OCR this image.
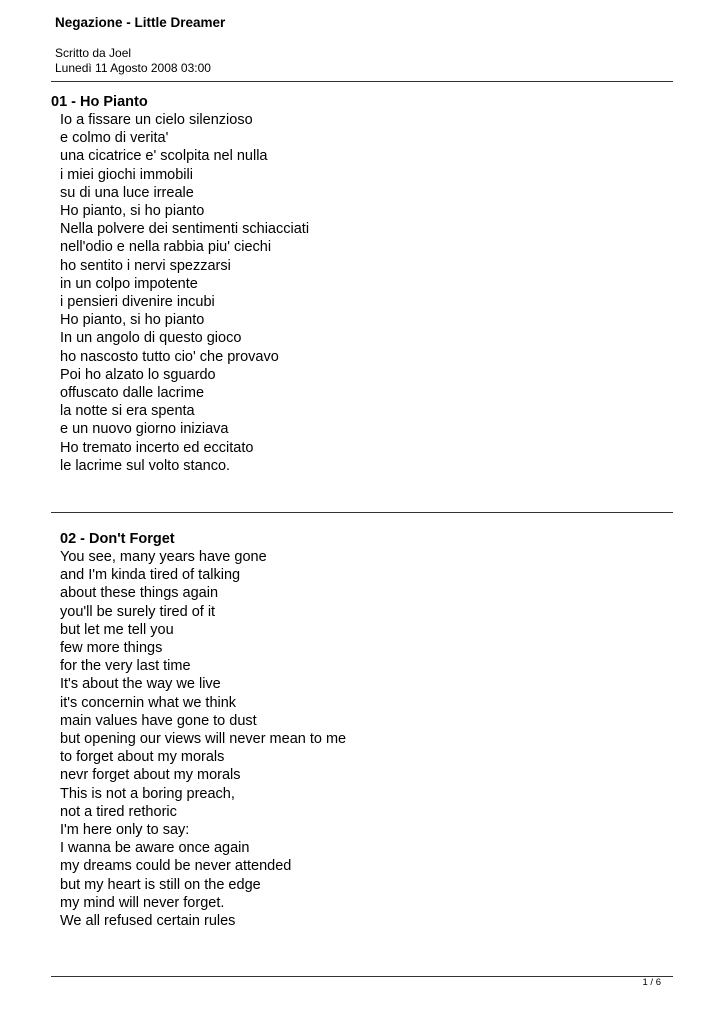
Negazione - Little Dreamer
Scritto da Joel
Lunedì 11 Agosto 2008 03:00
01 - Ho Pianto
Io a fissare un cielo silenzioso
e colmo di verita'
una cicatrice e' scolpita nel nulla
i miei giochi immobili
su di una luce irreale
Ho pianto, si ho pianto
Nella polvere dei sentimenti schiacciati
nell'odio e nella rabbia piu' ciechi
ho sentito i nervi spezzarsi
in un colpo impotente
i pensieri divenire incubi
Ho pianto, si ho pianto
In un angolo di questo gioco
ho nascosto tutto cio' che provavo
Poi ho alzato lo sguardo
offuscato dalle lacrime
la notte si era spenta
e un nuovo giorno iniziava
Ho tremato incerto ed eccitato
le lacrime sul volto stanco.
02 - Don't Forget
You see, many years have gone
and I'm kinda tired of talking
about these things again
you'll be surely tired of it
but let me tell you
few more things
for the very last time
It's about the way we live
it's concernin what we think
main values have gone to dust
but opening our views will never mean to me
to forget about my morals
nevr forget about my morals
This is not a boring preach,
not a tired rethoric
I'm here only to say:
I wanna be aware once again
my dreams could be never attended
but my heart is still on the edge
my mind will never forget.
We all refused certain rules
1 / 6
